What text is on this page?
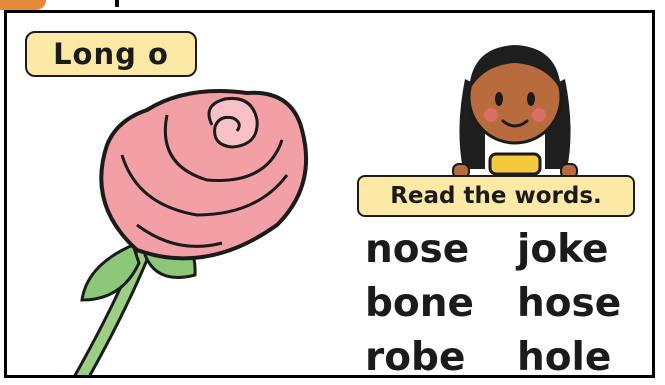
Long o
Read the words.
nose	joke
bone	hose
robe	hole
